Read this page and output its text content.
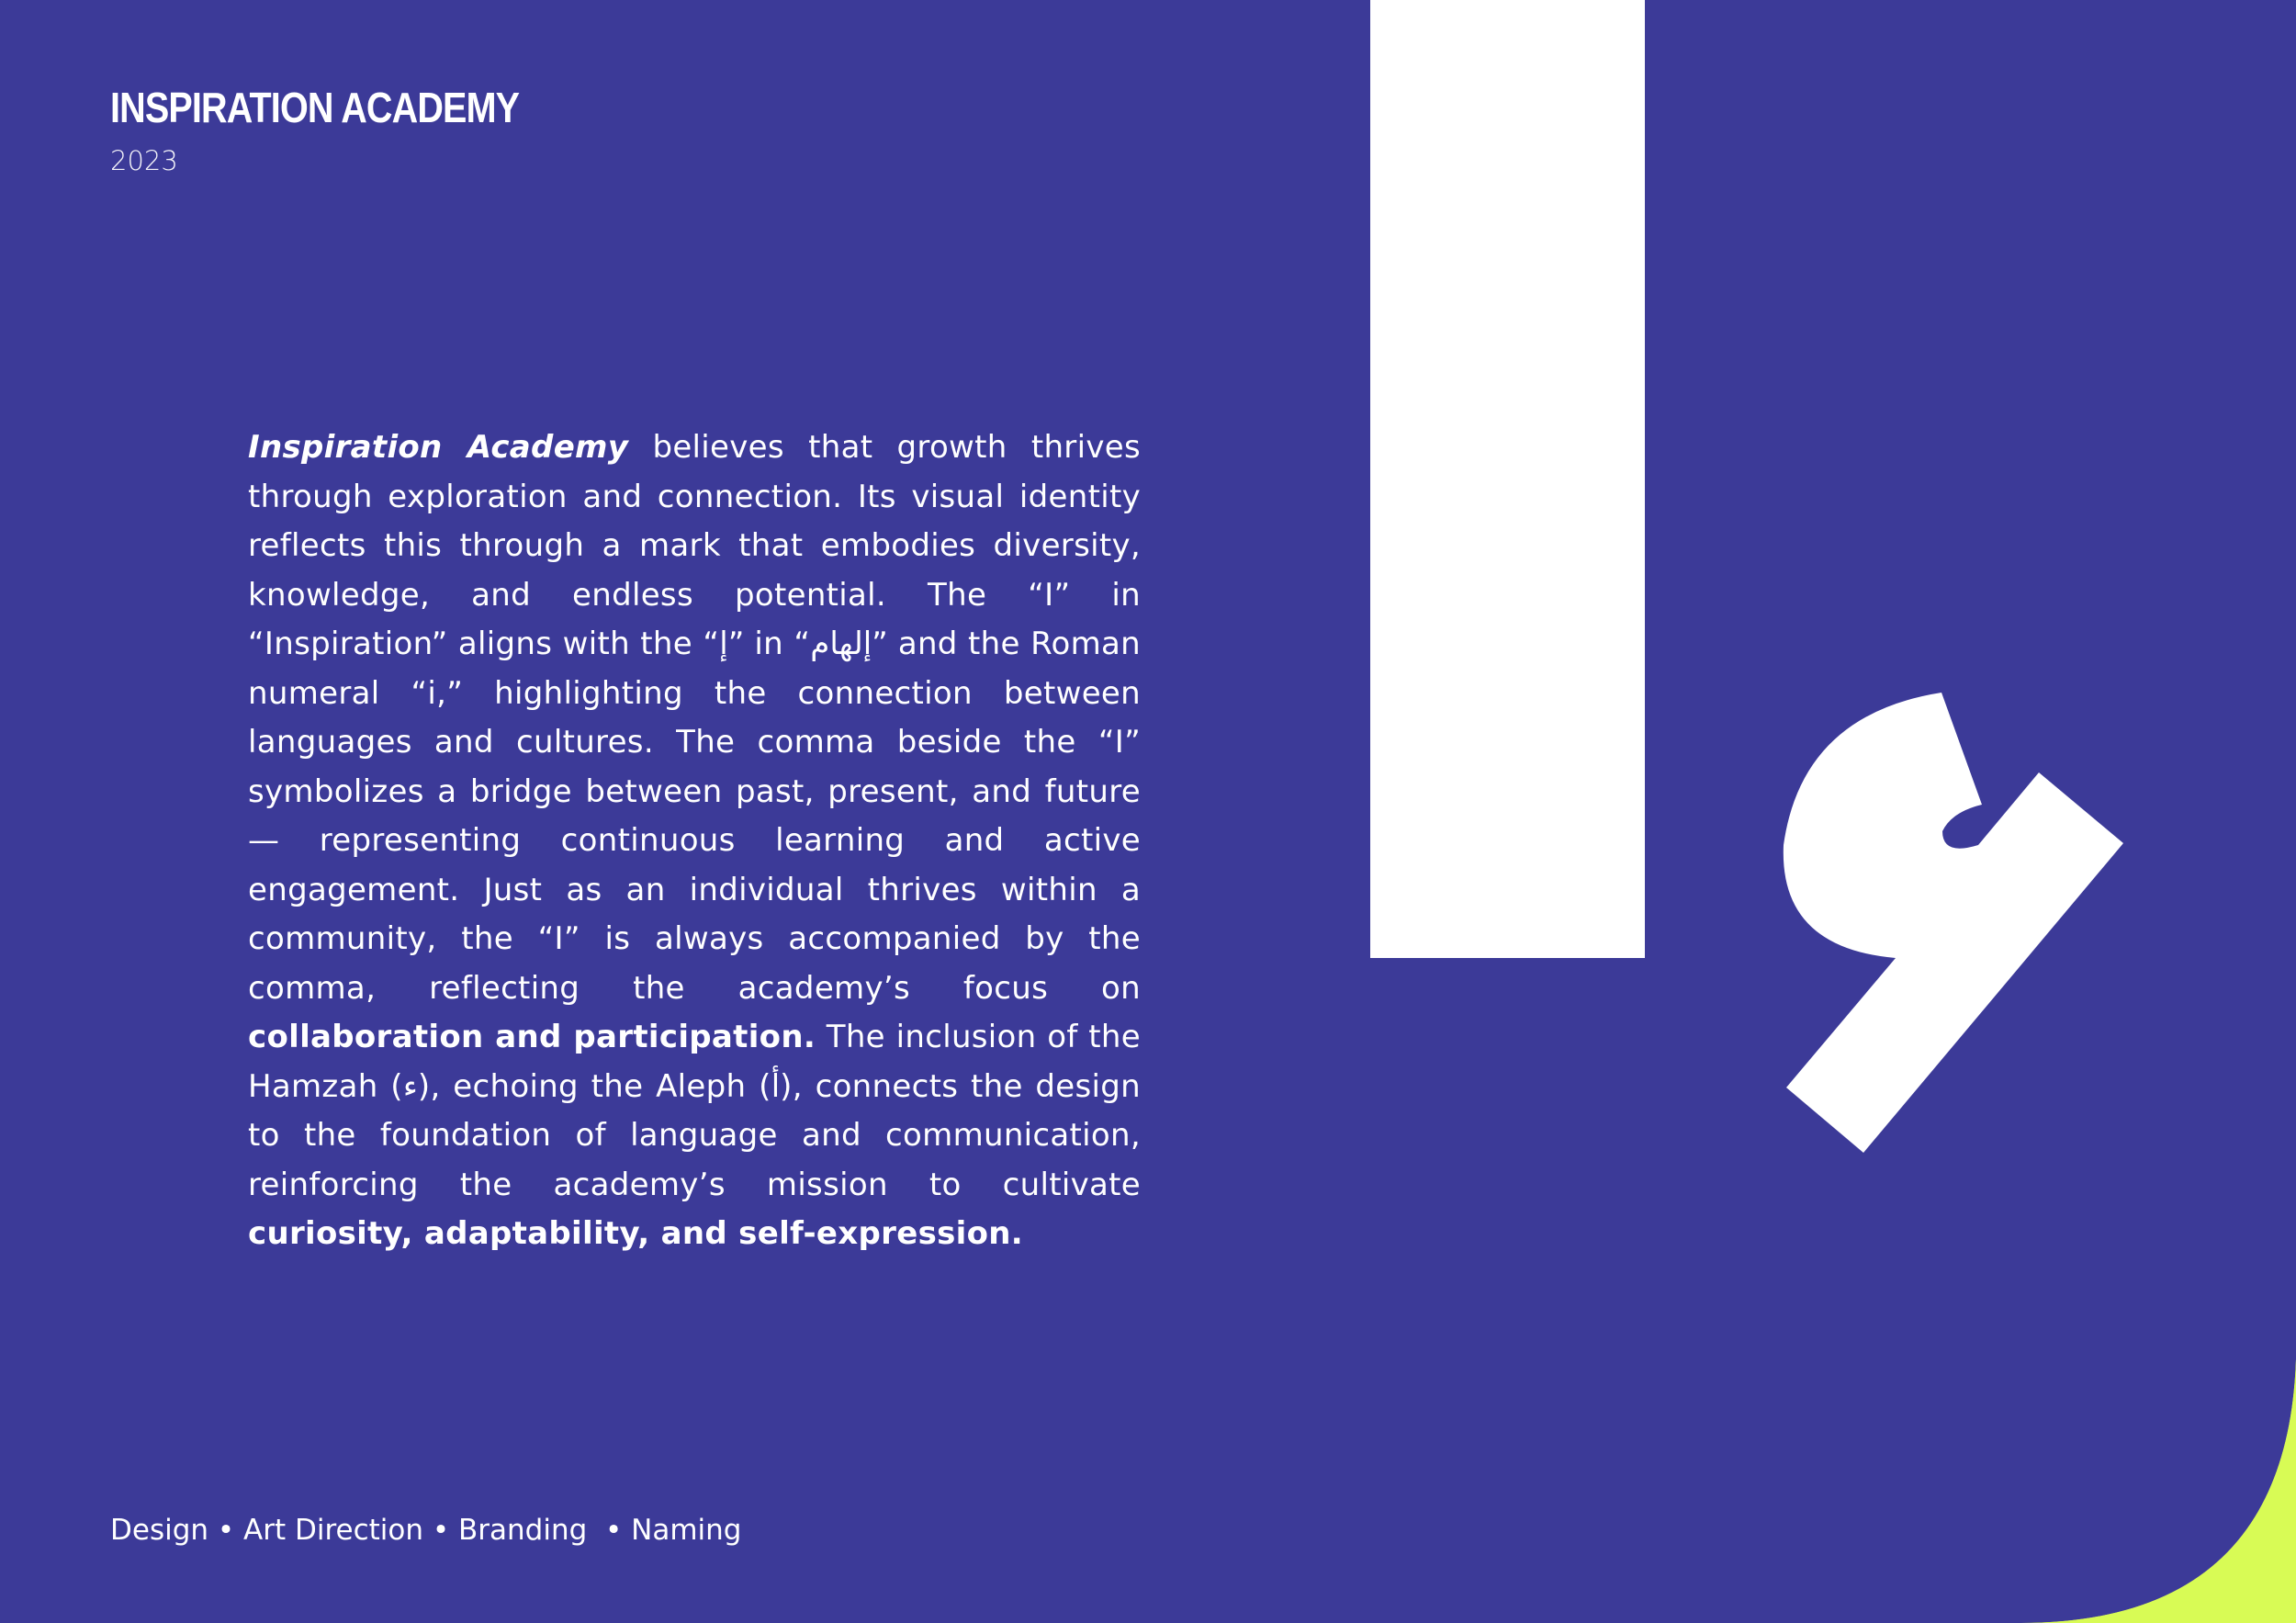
INSPIRATION ACADEMY
2023
Inspiration Academy believes that growth thrives through exploration and connection. Its visual identity reflects this through a mark that embodies diversity, knowledge, and endless potential. The “I” in “Inspiration” aligns with the “إ” in “إلهام” and the Roman numeral “i,” highlighting the connection between languages and cultures. The comma beside the “I” symbolizes a bridge between past, present, and future — representing continuous learning and active engagement. Just as an individual thrives within a community, the “I” is always accompanied by the comma, reflecting the academy’s focus on collaboration and participation. The inclusion of the Hamzah (ء), echoing the Aleph (أ), connects the design to the foundation of language and communication, reinforcing the academy’s mission to cultivate curiosity, adaptability, and self-expression.
Design • Art Direction • Branding  • Naming
